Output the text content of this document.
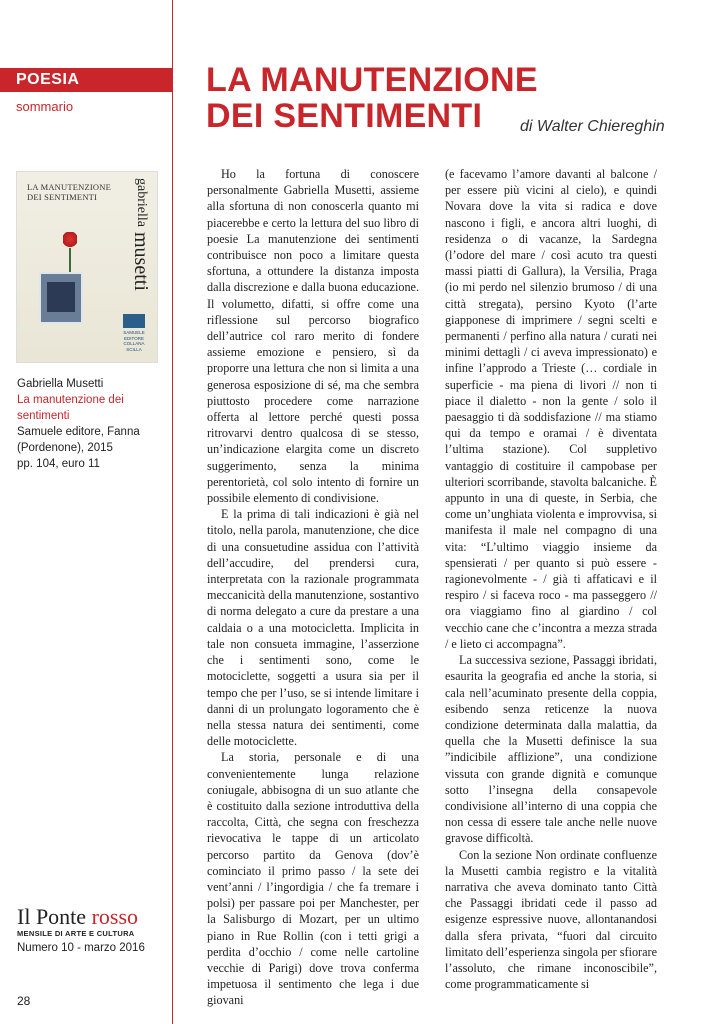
POESIA
sommario
LA MANUTENZIONE
DEI SENTIMENTI	di Walter Chiereghin
LA MANUTENZIONE
DEI SENTIMENTI	gabriella musetti
SAMUELE
EDITORE
COLLANA
SCILLA
Gabriella Musetti
La manutenzione dei sentimenti
Samuele editore, Fanna
(Pordenone), 2015
pp. 104, euro 11
Il Ponte rosso
MENSILE DI ARTE E CULTURA
Numero 10 - marzo 2016
28

Ho la fortuna di conoscere personalmente Gabriella Musetti, assieme alla sfortuna di non conoscerla quanto mi piacerebbe e certo la lettura del suo libro di poesie La manutenzione dei sentimenti contribuisce non poco a limitare questa sfortuna, a ottundere la distanza imposta dalla discrezione e dalla buona educazione. Il volumetto, difatti, si offre come una riflessione sul percorso biografico dell’autrice col raro merito di fondere assieme emozione e pensiero, sì da proporre una lettura che non si limita a una generosa esposizione di sé, ma che sembra piuttosto procedere come narrazione offerta al lettore perché questi possa ritrovarvi dentro qualcosa di se stesso, un’indicazione elargita come un discreto suggerimento, senza la minima perentorietà, col solo intento di fornire un possibile elemento di condivisione.

E la prima di tali indicazioni è già nel titolo, nella parola, manutenzione, che dice di una consuetudine assidua con l’attività dell’accudire, del prendersi cura, interpretata con la razionale programmata meccanicità della manutenzione, sostantivo di norma delegato a cure da prestare a una caldaia o a una motocicletta. Implicita in tale non consueta immagine, l’asserzione che i sentimenti sono, come le motociclette, soggetti a usura sia per il tempo che per l’uso, se si intende limitare i danni di un prolungato logoramento che è nella stessa natura dei sentimenti, come delle motociclette.

La storia, personale e di una convenientemente lunga relazione coniugale, abbisogna di un suo atlante che è costituito dalla sezione introduttiva della raccolta, Città, che segna con freschezza rievocativa le tappe di un articolato percorso partito da Genova (dov’è cominciato il primo passo / la sete dei vent’anni / l’ingordigia / che fa tremare i polsi) per passare poi per Manchester, per la Salisburgo di Mozart, per un ultimo piano in Rue Rollin (con i tetti grigi a perdita d’occhio / come nelle cartoline vecchie di Parigi) dove trova conferma impetuosa il sentimento che lega i due giovani

(e facevamo l’amore davanti al balcone / per essere più vicini al cielo), e quindi Novara dove la vita si radica e dove nascono i figli, e ancora altri luoghi, di residenza o di vacanze, la Sardegna (l’odore del mare / così acuto tra questi massi piatti di Gallura), la Versilia, Praga (io mi perdo nel silenzio brumoso / di una città stregata), persino Kyoto (l’arte giapponese di imprimere / segni scelti e permanenti / perfino alla natura / curati nei minimi dettagli / ci aveva impressionato) e infine l’approdo a Trieste (… cordiale in superficie - ma piena di livori // non ti piace il dialetto - non la gente / solo il paesaggio ti dà soddisfazione // ma stiamo qui da tempo e oramai / è diventata l’ultima stazione). Col suppletivo vantaggio di costituire il campobase per ulteriori scorribande, stavolta balcaniche. È appunto in una di queste, in Serbia, che come un’unghiata violenta e improvvisa, si manifesta il male nel compagno di una vita: “L’ultimo viaggio insieme da spensierati / per quanto si può essere - ragionevolmente - / già ti affaticavi e il respiro / si faceva roco - ma passeggero // ora viaggiamo fino al giardino / col vecchio cane che c’incontra a mezza strada / e lieto ci accompagna”.

La successiva sezione, Passaggi ibridati, esaurita la geografia ed anche la storia, si cala nell’acuminato presente della coppia, esibendo senza reticenze la nuova condizione determinata dalla malattia, da quella che la Musetti definisce la sua ”indicibile afflizione”, una condizione vissuta con grande dignità e comunque sotto l’insegna della consapevole condivisione all’interno di una coppia che non cessa di essere tale anche nelle nuove gravose difficoltà.

Con la sezione Non ordinate confluenze la Musetti cambia registro e la vitalità narrativa che aveva dominato tanto Città che Passaggi ibridati cede il passo ad esigenze espressive nuove, allontanandosi dalla sfera privata, “fuori dal circuito limitato dell’esperienza singola per sfiorare l’assoluto, che rimane inconoscibile”, come programmaticamente si
